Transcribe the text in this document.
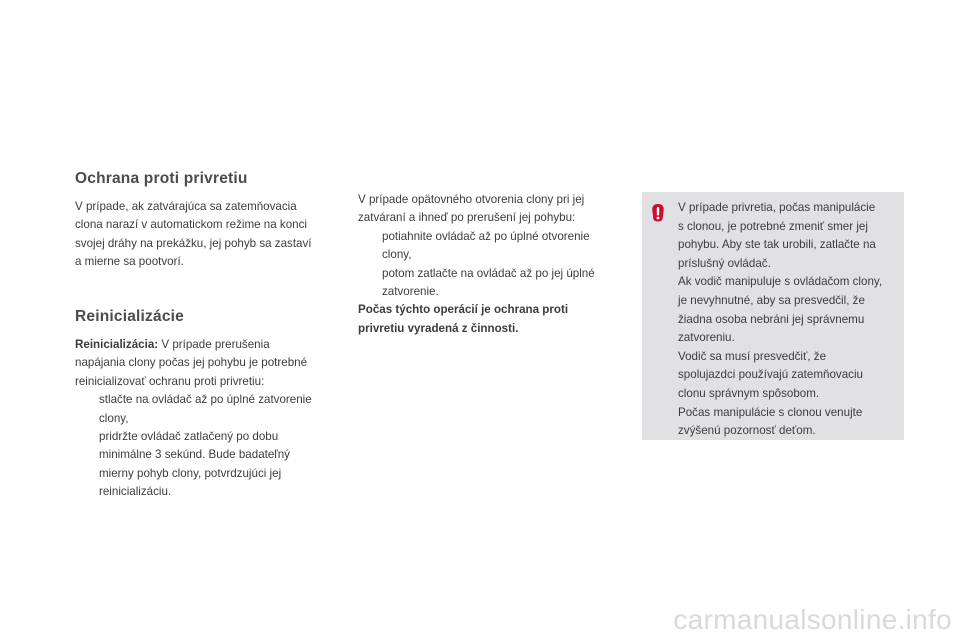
Ochrana proti privretiu

V prípade, ak zatvárajúca sa zatemňovacia
clona narazí v automatickom režime na konci
svojej dráhy na prekážku, jej pohyb sa zastaví
a mierne sa pootvorí.

Reinicializácie

Reinicializácia: V prípade prerušenia
napájania clony počas jej pohybu je potrebné
reinicializovať ochranu proti privretiu:

stlačte na ovládač až po úplné zatvorenie
clony,
pridržte ovládač zatlačený po dobu
minimálne 3 sekúnd. Bude badateľný
mierny pohyb clony, potvrdzujúci jej
reinicializáciu.

V prípade opätovného otvorenia clony pri jej
zatváraní a ihneď po prerušení jej pohybu:

potiahnite ovládač až po úplné otvorenie
clony,
potom zatlačte na ovládač až po jej úplné
zatvorenie.

Počas týchto operácií je ochrana proti
privretiu vyradená z činnosti.

V prípade privretia, počas manipulácie
s clonou, je potrebné zmeniť smer jej
pohybu. Aby ste tak urobili, zatlačte na
príslušný ovládač.
Ak vodič manipuluje s ovládačom clony,
je nevyhnutné, aby sa presvedčil, že
žiadna osoba nebráni jej správnemu
zatvoreniu.
Vodič sa musí presvedčiť, že
spolujazdci používajú zatemňovaciu
clonu správnym spôsobom.
Počas manipulácie s clonou venujte
zvýšenú pozornosť deťom.

carmanualsonline.info
